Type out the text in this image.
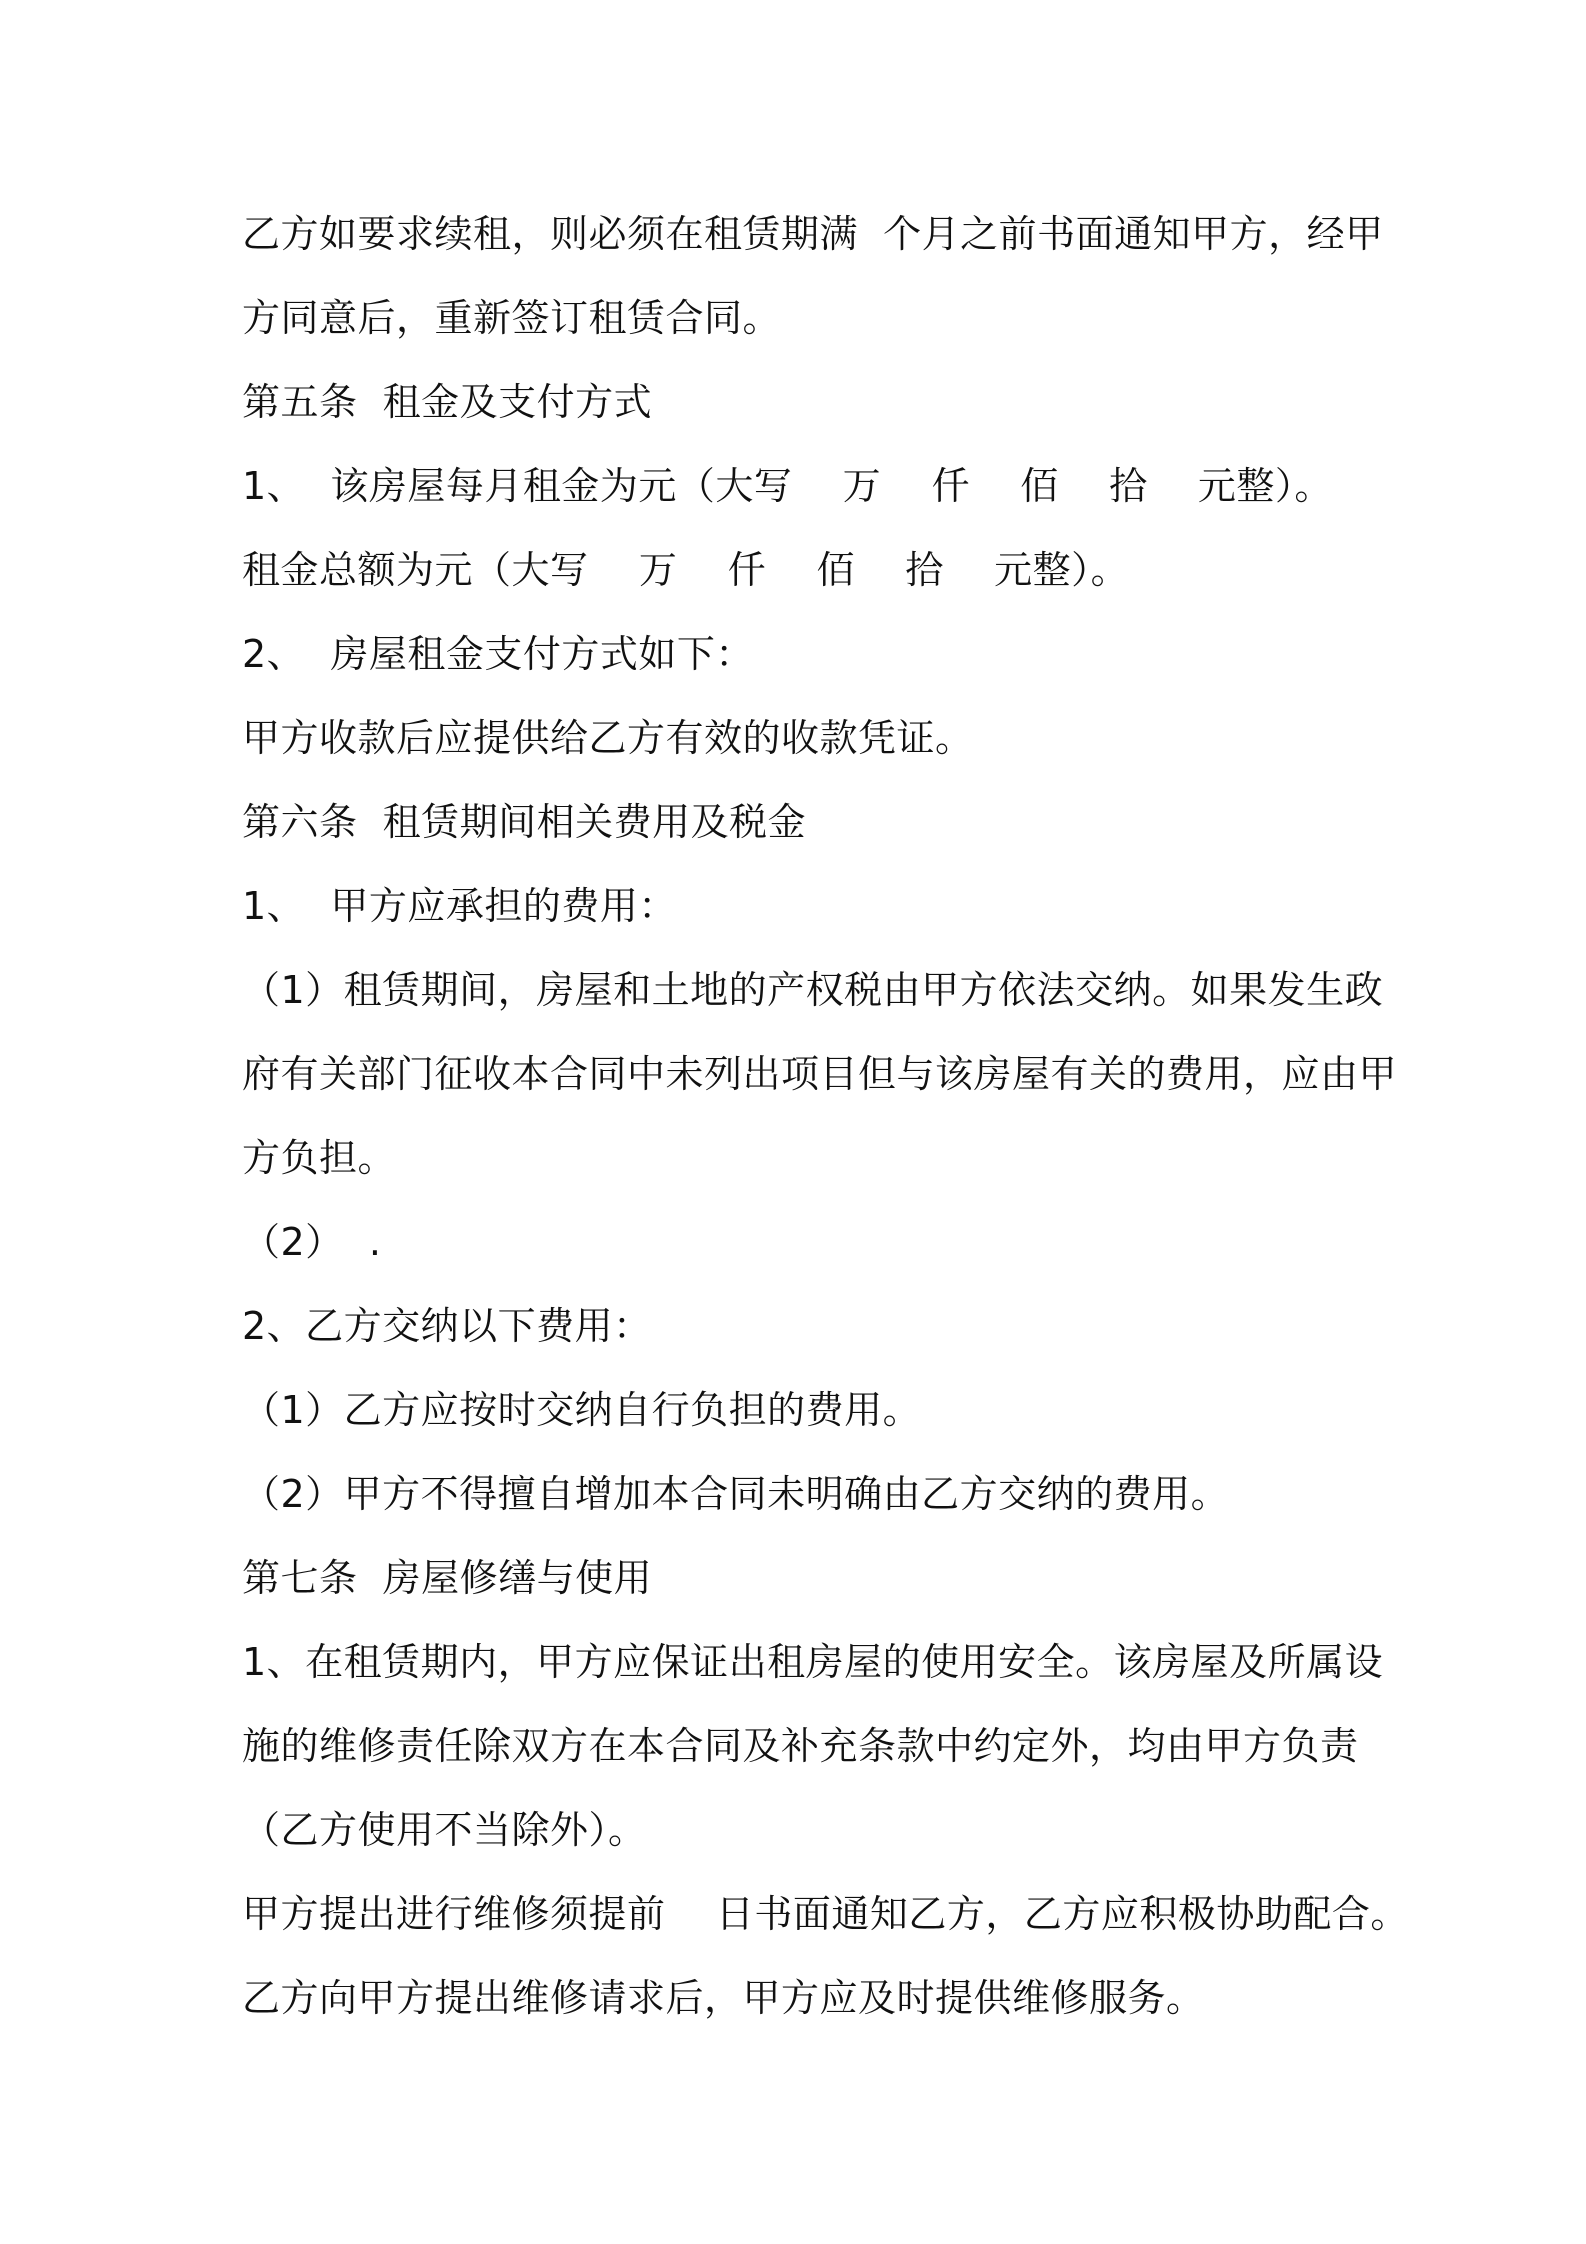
乙方如要求续租，则必须在租赁期满  个月之前书面通知甲方，经甲
方同意后，重新签订租赁合同。
第五条  租金及支付方式
1、  该房屋每月租金为元（大写    万    仟    佰    拾    元整）。
租金总额为元（大写    万    仟    佰    拾    元整）。
2、  房屋租金支付方式如下：
甲方收款后应提供给乙方有效的收款凭证。
第六条  租赁期间相关费用及税金
1、  甲方应承担的费用：
（1）租赁期间，房屋和土地的产权税由甲方依法交纳。如果发生政
府有关部门征收本合同中未列出项目但与该房屋有关的费用，应由甲
方负担。
（2）  .
2、乙方交纳以下费用：
（1）乙方应按时交纳自行负担的费用。
（2）甲方不得擅自增加本合同未明确由乙方交纳的费用。
第七条  房屋修缮与使用
1、在租赁期内，甲方应保证出租房屋的使用安全。该房屋及所属设
施的维修责任除双方在本合同及补充条款中约定外，均由甲方负责
（乙方使用不当除外）。
甲方提出进行维修须提前    日书面通知乙方，乙方应积极协助配合。
乙方向甲方提出维修请求后，甲方应及时提供维修服务。
